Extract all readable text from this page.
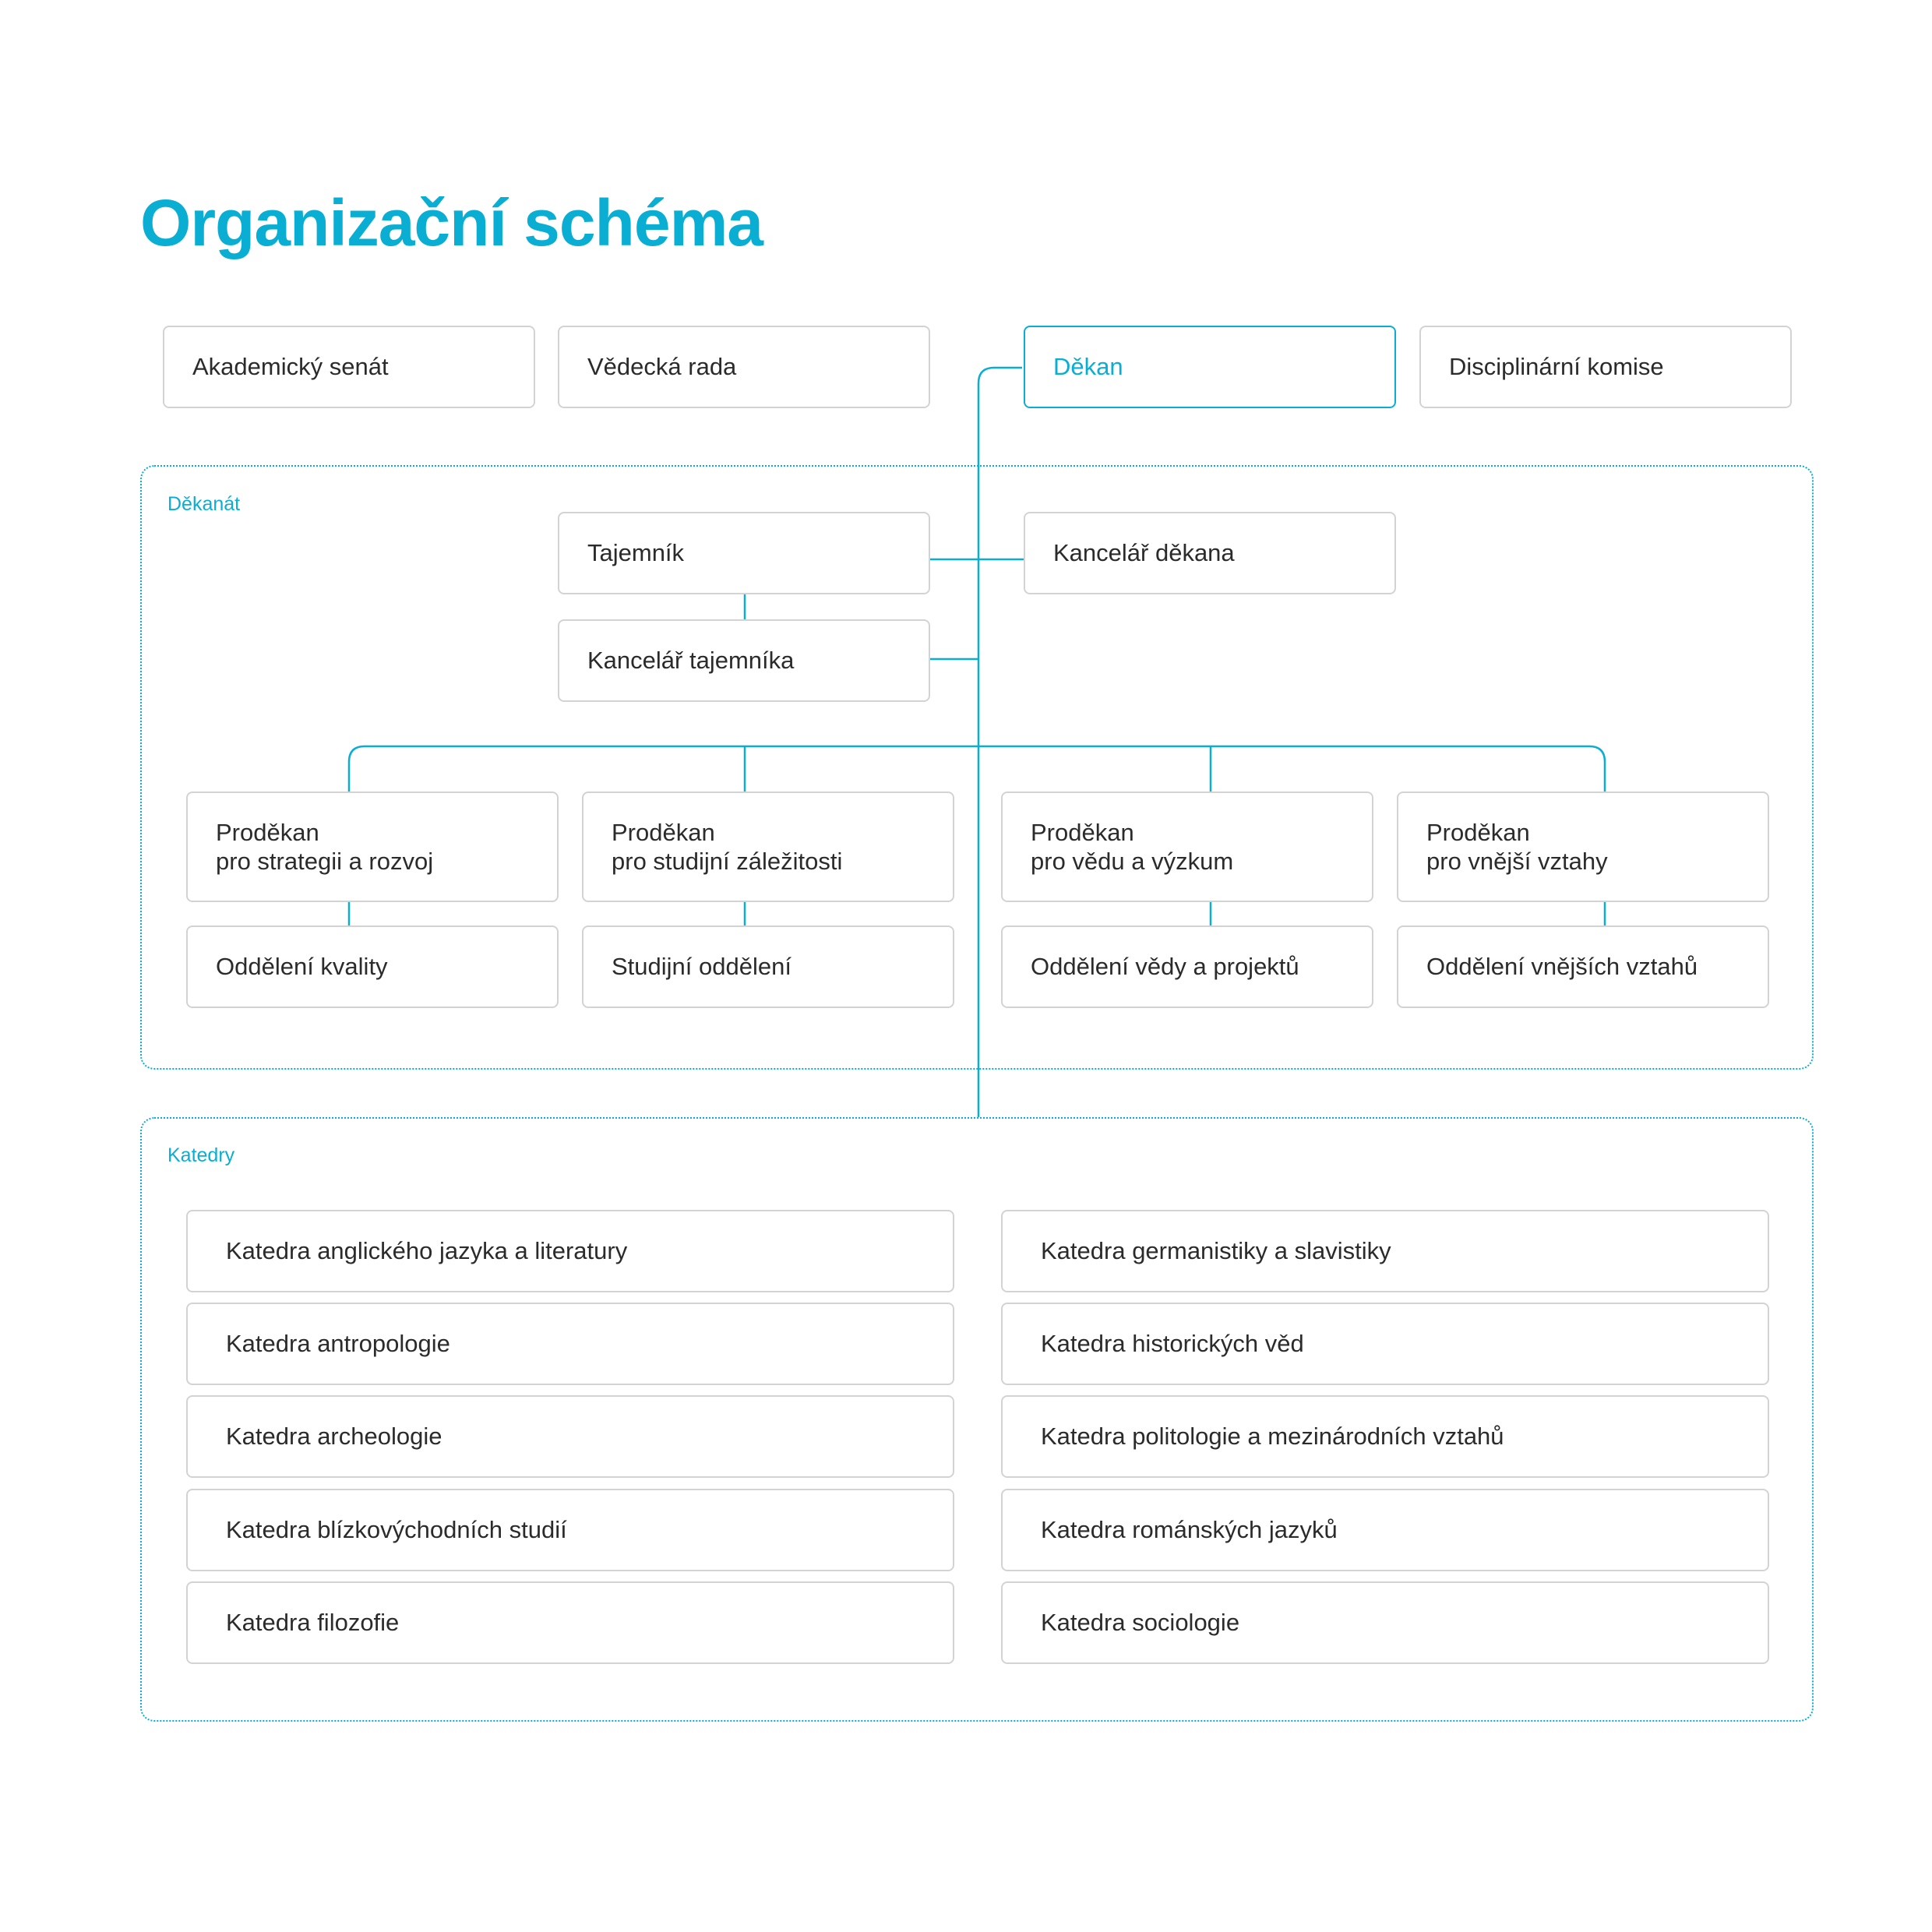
Organizační schéma
Akademický senát	Vědecká rada	Děkan	Disciplinární komise
Děkanát
Tajemník	Kancelář děkana
Kancelář tajemníka
Proděkan
pro strategii a rozvoj
Proděkan
pro studijní záležitosti
Proděkan
pro vědu a výzkum
Proděkan
pro vnější vztahy
Oddělení kvality	Studijní oddělení	Oddělení vědy a projektů	Oddělení vnějších vztahů
Katedry
Katedra anglického jazyka a literatury
Katedra antropologie
Katedra archeologie
Katedra blízkovýchodních studií
Katedra filozofie
Katedra germanistiky a slavistiky
Katedra historických věd
Katedra politologie a mezinárodních vztahů
Katedra románských jazyků
Katedra sociologie
